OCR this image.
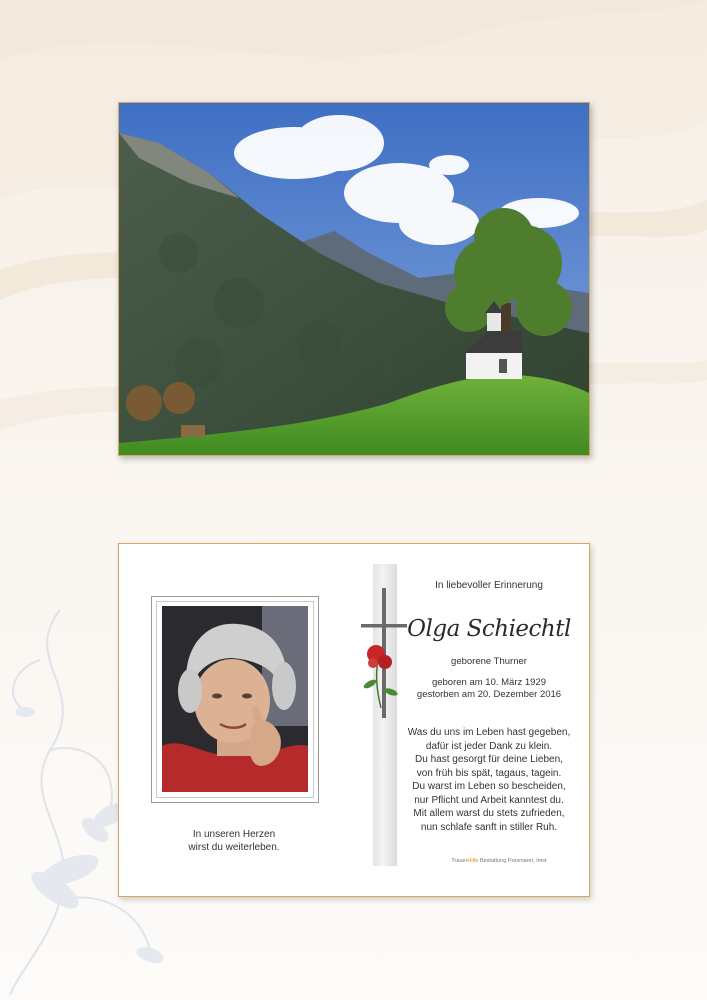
In unseren Herzen
wirst du weiterleben.
In liebevoller Erinnerung
Olga Schiechtl
geborene Thurner
geboren am 10. März 1929
gestorben am 20. Dezember 2016
Was du uns im Leben hast gegeben,
dafür ist jeder Dank zu klein.
Du hast gesorgt für deine Lieben,
von früh bis spät, tagaus, tagein.
Du warst im Leben so bescheiden,
nur Pflicht und Arbeit kanntest du.
Mit allem warst du stets zufrieden,
nun schlafe sanft in stiller Ruh.
TrauerHilfe Bestattung Praxmarer, Imst
